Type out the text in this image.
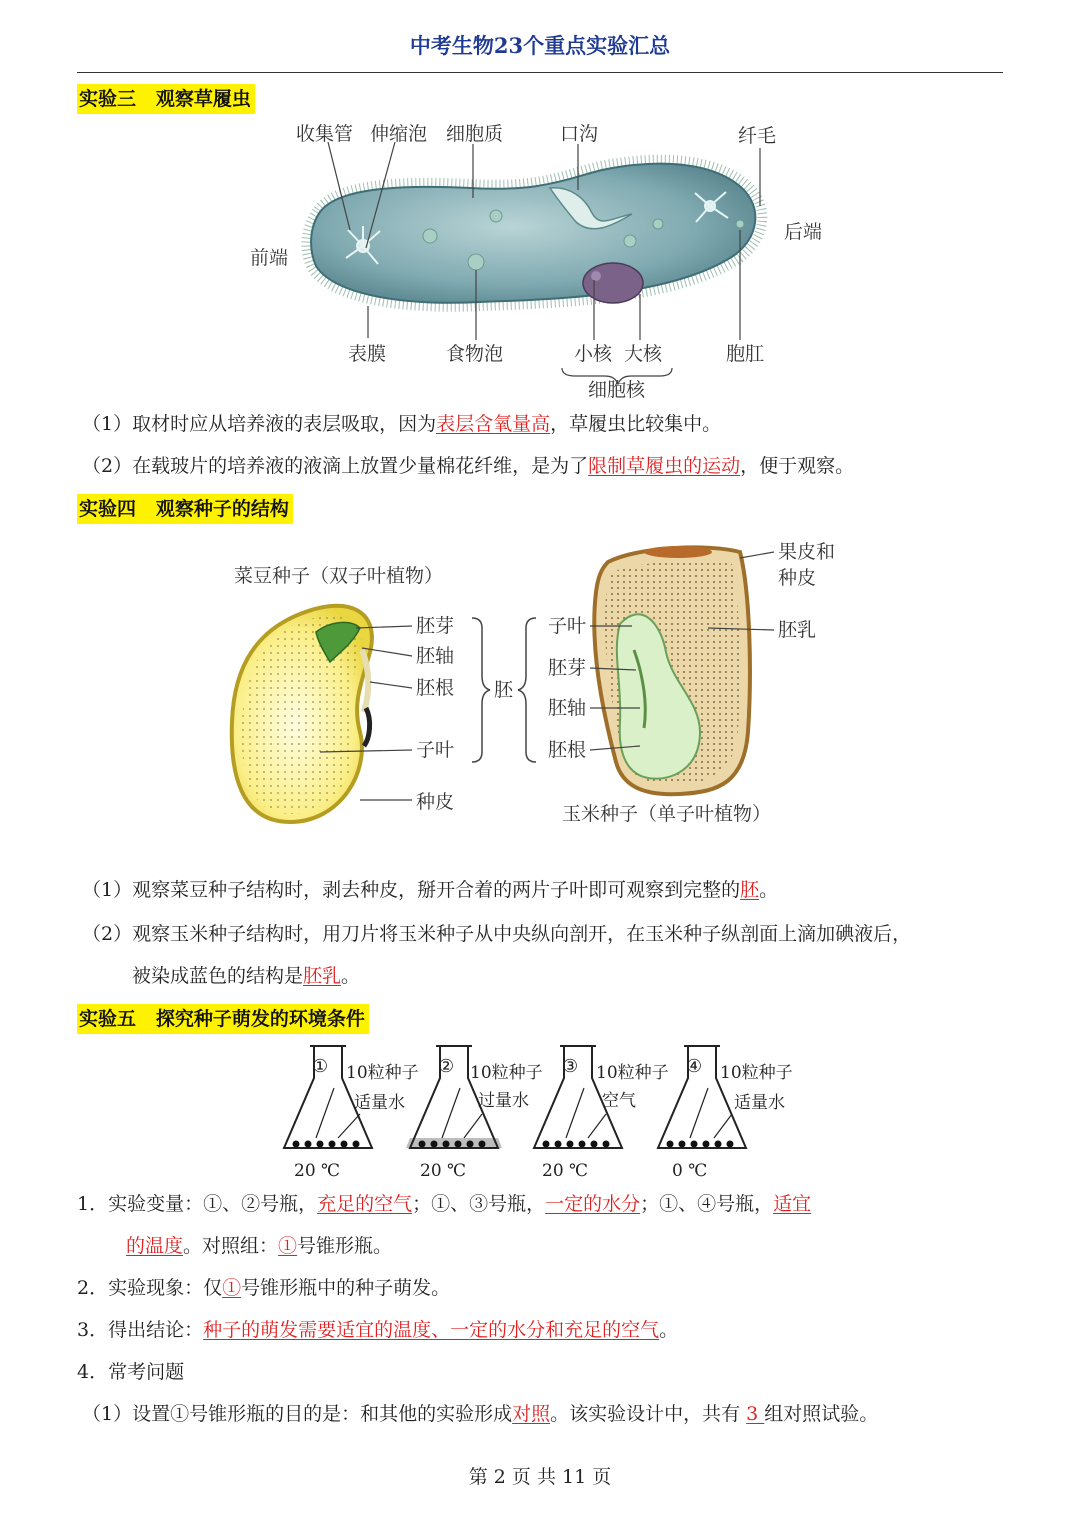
中考生物23个重点实验汇总
实验三   观察草履虫
收集管 伸缩泡 细胞质	口沟	纤毛
前端
后端
表膜	食物泡	小核 大核	胞肛
细胞核
（1）取材时应从培养液的表层吸取，因为表层含氧量高，草履虫比较集中。
（2）在载玻片的培养液的液滴上放置少量棉花纤维，是为了限制草履虫的运动，便于观察。
实验四   观察种子的结构
菜豆种子（双子叶植物）
胚芽
胚轴
胚根
子叶
种皮
胚
子叶
胚芽
胚轴
胚根
果皮和
种皮
胚乳
玉米种子（单子叶植物）
（1）观察菜豆种子结构时，剥去种皮，掰开合着的两片子叶即可观察到完整的胚。
（2）观察玉米种子结构时，用刀片将玉米种子从中央纵向剖开，在玉米种子纵剖面上滴加碘液后，
被染成蓝色的结构是胚乳。
实验五   探究种子萌发的环境条件
① 10粒种子
适量水
20 ℃
② 10粒种子
过量水
20 ℃
③ 10粒种子
空气
20 ℃
④ 10粒种子
适量水
0 ℃
1．实验变量：①、②号瓶，充足的空气；①、③号瓶，一定的水分；①、④号瓶，适宜
的温度。对照组：①号锥形瓶。
2．实验现象：仅①号锥形瓶中的种子萌发。
3．得出结论：种子的萌发需要适宜的温度、一定的水分和充足的空气。
4．常考问题
（1）设置①号锥形瓶的目的是：和其他的实验形成对照。该实验设计中，共有 3 组对照试验。
第 2 页 共 11 页
